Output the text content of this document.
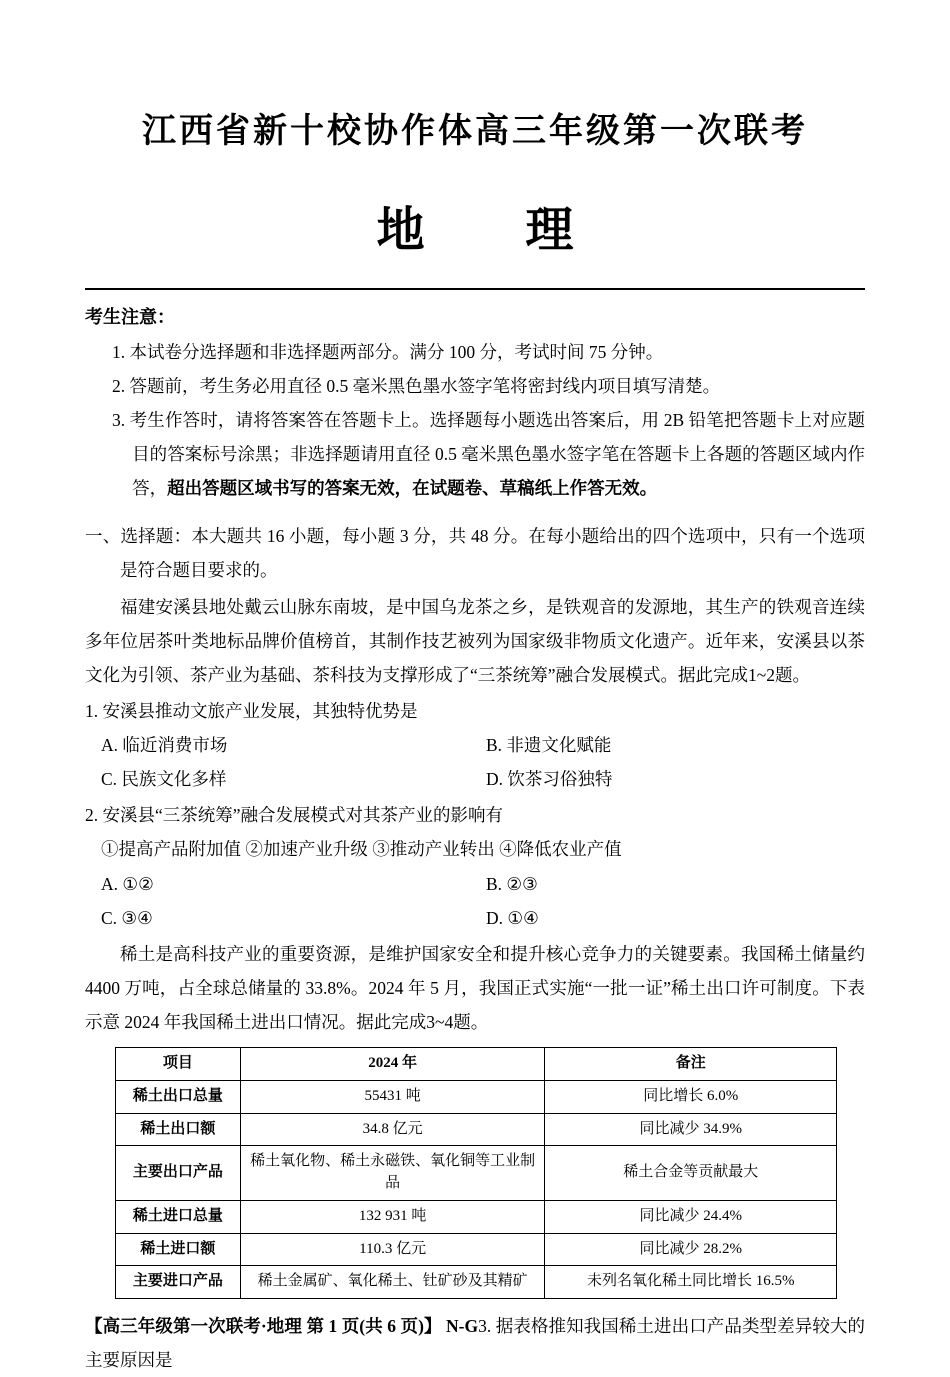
江西省新十校协作体高三年级第一次联考
地理

考生注意：

1. 本试卷分选择题和非选择题两部分。满分 100 分，考试时间 75 分钟。

2. 答题前，考生务必用直径 0.5 毫米黑色墨水签字笔将密封线内项目填写清楚。

3. 考生作答时，请将答案答在答题卡上。选择题每小题选出答案后，用 2B 铅笔把答题卡上对应题目的答案标号涂黑；非选择题请用直径 0.5 毫米黑色墨水签字笔在答题卡上各题的答题区域内作答，超出答题区域书写的答案无效，在试题卷、草稿纸上作答无效。

一、选择题：本大题共 16 小题，每小题 3 分，共 48 分。在每小题给出的四个选项中，只有一个选项是符合题目要求的。

福建安溪县地处戴云山脉东南坡，是中国乌龙茶之乡，是铁观音的发源地，其生产的铁观音连续多年位居茶叶类地标品牌价值榜首，其制作技艺被列为国家级非物质文化遗产。近年来，安溪县以茶文化为引领、茶产业为基础、茶科技为支撑形成了“三茶统筹”融合发展模式。据此完成1~2题。

1. 安溪县推动文旅产业发展，其独特优势是

A. 临近消费市场	B. 非遗文化赋能
C. 民族文化多样	D. 饮茶习俗独特

2. 安溪县“三茶统筹”融合发展模式对其茶产业的影响有

①提高产品附加值 ②加速产业升级 ③推动产业转出 ④降低农业产值

A. ①②	B. ②③
C. ③④	D. ①④

稀土是高科技产业的重要资源，是维护国家安全和提升核心竞争力的关键要素。我国稀土储量约 4400 万吨，占全球总储量的 33.8%。2024 年 5 月，我国正式实施“一批一证”稀土出口许可制度。下表示意 2024 年我国稀土进出口情况。据此完成3~4题。

项目	2024 年	备注
稀土出口总量	55431 吨	同比增长 6.0%
稀土出口额	34.8 亿元	同比减少 34.9%
主要出口产品	稀土氧化物、稀土永磁铁、氧化铜等工业制品	稀土合金等贡献最大
稀土进口总量	132 931 吨	同比减少 24.4%
稀土进口额	110.3 亿元	同比减少 28.2%
主要进口产品	稀土金属矿、氧化稀土、钍矿砂及其精矿	未列名氧化稀土同比增长 16.5%

【高三年级第一次联考·地理 第 1 页(共 6 页)】 N-G3. 据表格推知我国稀土进出口产品类型差异较大的主要原因是
